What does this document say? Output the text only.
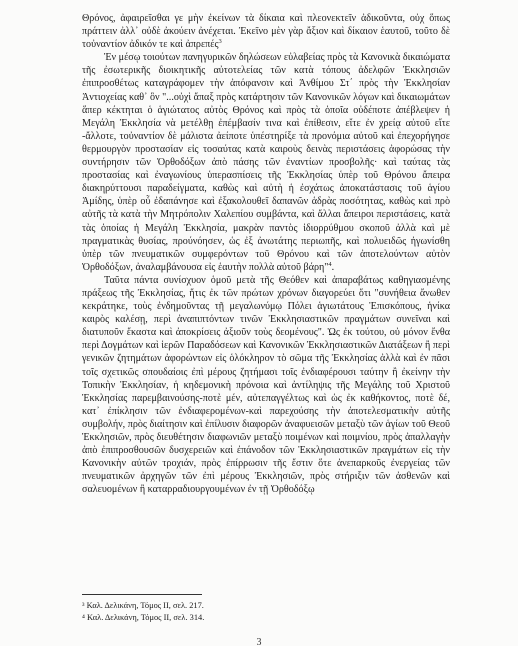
Θρόνος, ἀφαιρεῖσθαι γε μὴν ἐκείνων τὰ δίκαια καὶ πλεονεκτεῖν ἀδικοῦντα, οὐχ ὅπως πράττειν ἀλλ᾽ οὐδὲ ἀκούειν ἀνέχεται. Ἐκεῖνο μὲν γὰρ ἄξιον καὶ δίκαιον ἑαυτοῦ, τοῦτο δὲ τοὐναντίον ἀδικόν τε καὶ ἀπρεπές$^3$

Ἐν μέσῳ τοιούτων πανηγυρικῶν δηλώσεων εὐλαβείας πρὸς τὰ Κανονικὰ δικαιώματα τῆς ἐσωτερικῆς διοικητικῆς αὐτοτελείας τῶν κατὰ τόπους ἀδελφῶν Ἐκκλησιῶν ἐπιπροσθέτως καταγράφομεν τὴν ἀπόφανσιν καὶ Ἀνθίμου Στ΄ πρὸς τὴν Ἐκκλησίαν Ἀντιοχείας καθ᾽ ὃν "...οὐχὶ ἅπαξ πρὸς κατάρτησιν τῶν Κανονικῶν λόγων καὶ δικαιωμάτων ἅπερ κέκτηται ὁ ἁγιώτατος αὐτὸς Θρόνος καὶ πρὸς τὰ ὁποῖα οὐδέποτε ἀπέβλεψεν ἡ Μεγάλη Ἐκκλησία νὰ μετέλθῃ ἐπέμβασίν τινα καὶ ἐπίθεσιν, εἴτε ἐν χρείᾳ αὐτοῦ εἴτε -ἄλλοτε, τοὐναντίον δὲ μάλιστα ἀείποτε ὑπέστηρίξε τὰ προνόμια αὐτοῦ καὶ ἐπεχορήγησε θερμουργὸν προστασίαν εἰς τοσαύτας κατὰ καιροὺς δεινὰς περιστάσεις ἀφορώσας τὴν συντήρησιν τῶν Ὀρθοδόξων ἀπὸ πάσης τῶν ἐναντίων προσβολῆς· καὶ ταύτας τὰς προστασίας καὶ ἐναγωνίους ὑπερασπίσεις τῆς Ἐκκλησίας ὑπὲρ τοῦ Θρόνου ἄπειρα διακηρύττουσι παραδείγματα, καθὼς καὶ αὐτὴ ἡ ἐσχάτως ἀποκατάστασις τοῦ ἁγίου Ἀμίδης, ὑπὲρ οὗ ἐδαπάνησε καὶ ἐξακολουθεῖ δαπανῶν ἁδρὰς ποσότητας, καθὼς καὶ πρὸ αὐτῆς τὰ κατὰ τὴν Μητρόπολιν Χαλεπίου συμβάντα, καὶ ἄλλαι ἄπειροι περιστάσεις, κατὰ τὰς ὁποίας ἡ Μεγάλη Ἐκκλησία, μακρὰν παντὸς ἰδιορρύθμου σκοποῦ ἀλλὰ καὶ μὲ πραγματικὰς θυσίας, προύνόησεν, ὡς ἐξ ἀνωτάτης περιωπῆς, καὶ πολυειδῶς ἠγωνίσθη ὑπὲρ τῶν πνευματικῶν συμφερόντων τοῦ Θρόνου καὶ τῶν ἀποτελούντων αὐτὸν Ὀρθοδόξων, ἀναλαμβάνουσα εἰς ἑαυτὴν πολλὰ αὐτοῦ βάρη"$^4$.

Ταῦτα πάντα συνίσχυον ὁμοῦ μετὰ τῆς Θεόθεν καὶ ἀπαραβάτως καθηγιασμένης πράξεως τῆς Ἐκκλησίας, ἥτις ἐκ τῶν πρώτων χρόνων διαγορεύει ὅτι "συνήθεια ἄνωθεν κεκράτηκε, τοὺς ἐνδημοῦντας τῇ μεγαλωνύμῳ Πόλει ἁγιωτάτους Ἐπισκόπους, ἡνίκα καιρὸς καλέσῃ, περὶ ἀναπιπτόντων τινῶν Ἐκκλησιαστικῶν πραγμάτων συνεῖναι καὶ διατυποῦν ἕκαστα καὶ ἀποκρίσεις ἀξιοῦν τοὺς δεομένους". Ὡς ἐκ τούτου, οὐ μόνον ἔνθα περὶ Δογμάτων καὶ ἱερῶν Παραδόσεων καὶ Κανονικῶν Ἐκκλησιαστικῶν Διατάξεων ἢ περὶ γενικῶν ζητημάτων ἀφορώντων εἰς ὁλόκληρον τὸ σῶμα τῆς Ἐκκλησίας ἀλλὰ καὶ ἐν πᾶσι τοῖς σχετικῶς σπουδαίοις ἐπὶ μέρους ζητήμασι τοῖς ἐνδιαφέρουσι ταύτην ἢ ἐκείνην τὴν Τοπικὴν Ἐκκλησίαν, ἡ κηδεμονικὴ πρόνοια καὶ ἀντίληψις τῆς Μεγάλης τοῦ Χριστοῦ Ἐκκλησίας παρεμβαινούσης-ποτὲ μέν, αὐτεπαγγέλτως καὶ ὡς ἐκ καθήκοντος, ποτὲ δέ, κατ᾽ ἐπίκλησιν τῶν ἐνδιαφερομένων-καὶ παρεχούσης τὴν ἀποτελεσματικὴν αὐτῆς συμβολήν, πρὸς διαίτησιν καὶ ἐπίλυσιν διαφορῶν ἀναφυεισῶν μεταξὺ τῶν ἁγίων τοῦ Θεοῦ Ἐκκλησιῶν, πρὸς διευθέτησιν διαφωνιῶν μεταξὺ ποιμένων καὶ ποιμνίου, πρὸς ἀπαλλαγὴν ἀπὸ ἐπιπροσθουσῶν δυσχερειῶν καὶ ἐπάνοδον τῶν Ἐκκλησιαστικῶν πραγμάτων εἰς τὴν Κανονικὴν αὐτῶν τροχιάν, πρὸς ἐπίρρωσιν τῆς ἔστιν ὅτε ἀνεπαρκοῦς ἐνεργείας τῶν πνευματικῶν ἀρχηγῶν τῶν ἐπὶ μέρους Ἐκκλησιῶν, πρὸς στήριξιν τῶν ἀσθενῶν καὶ σαλευομένων ἢ καταρραδιουργουμένων ἐν τῇ Ὀρθοδόξῳ

³ Καλ. Δελικάνη, Τόμος ΙΙ, σελ. 217.
⁴ Καλ. Δελικάνη, Τόμος ΙΙ, σελ. 314.
3
